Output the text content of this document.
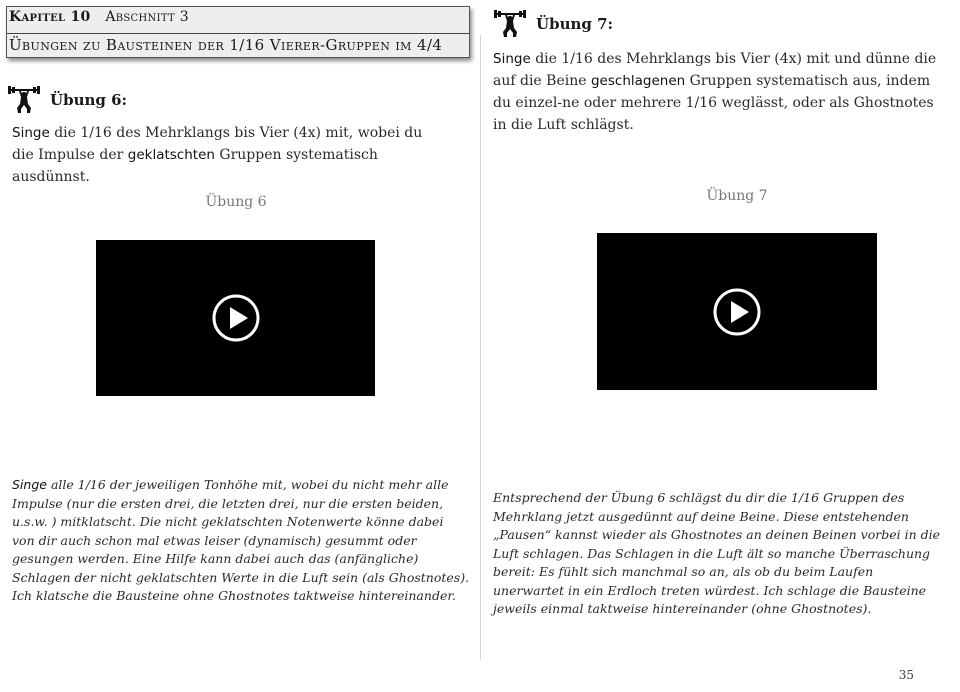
Kapitel 10 Abschnitt 3
Übungen zu Bausteinen der 1/16 Vierer-Gruppen im 4/4
Übung 6:
Singe die 1/16 des Mehrklangs bis Vier (4x) mit, wobei du die Impulse der geklatschten Gruppen systematisch ausdünnst.
Übung 6
Singe alle 1/16 der jeweiligen Tonhöhe mit, wobei du nicht mehr alle Impulse (nur die ersten drei, die letzten drei, nur die ersten beiden, u.s.w. ) mitklatscht. Die nicht geklatschten Notenwerte könne dabei von dir auch schon mal etwas leiser (dynamisch) gesummt oder gesungen werden. Eine Hilfe kann dabei auch das (anfängliche) Schlagen der nicht geklatschten Werte in die Luft sein (als Ghostnotes). Ich klatsche die Bausteine ohne Ghostnotes taktweise hintereinander.
Übung 7:
Singe die 1/16 des Mehrklangs bis Vier (4x) mit und dünne die auf die Beine geschlagenen Gruppen systematisch aus, indem du einzel-ne oder mehrere 1/16 weglässt, oder als Ghostnotes in die Luft schlägst.
Übung 7
Entsprechend der Übung 6 schlägst du dir die 1/16 Gruppen des Mehrklang jetzt ausgedünnt auf deine Beine. Diese entstehenden „Pausen“ kannst wieder als Ghostnotes an deinen Beinen vorbei in die Luft schlagen. Das Schlagen in die Luft ält so manche Überraschung bereit: Es fühlt sich manchmal so an, als ob du beim Laufen unerwartet in ein Erdloch treten würdest. Ich schlage die Bausteine jeweils einmal taktweise hintereinander (ohne Ghostnotes).
35
